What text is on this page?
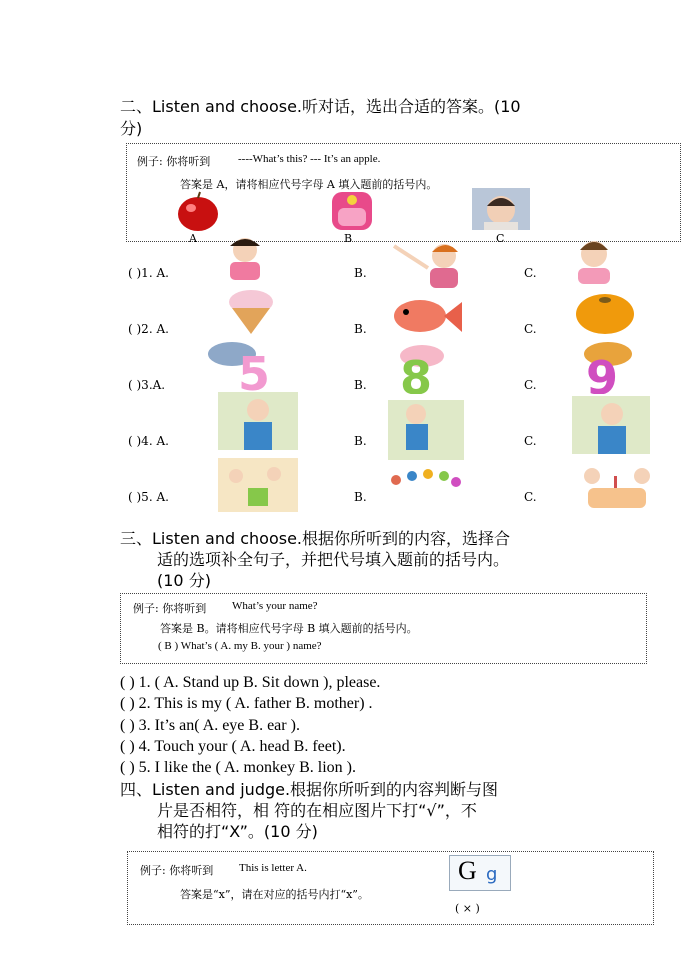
二、Listen and choose.听对话，选出合适的答案。(10
分)
例子: 你将听到	----What’s this? --- It’s an apple.
答案是 A，请将相应代号字母 A 填入题前的括号内。
A	B	C
( )1. A.	B.	C.
( )2. A.	B.	C.
( )3.A.	B.	C.
5	8	9
( )4. A.	B.	C.
( )5. A.	B.	C.
三、Listen and choose.根据你所听到的内容，选择合
适的选项补全句子，并把代号填入题前的括号内。
(10 分)
例子: 你将听到 What’s your name?
答案是 B。请将相应代号字母 B 填入题前的括号内。
( B ) What’s ( A. my B. your ) name?
( ) 1. ( A. Stand up B. Sit down ), please.
( ) 2. This is my ( A. father B. mother) .
( ) 3. It’s an( A. eye B. ear ).
( ) 4. Touch your ( A. head B. feet).
( ) 5. I like the ( A. monkey B. lion ).
四、Listen and judge.根据你所听到的内容判断与图
片是否相符，相 符的在相应图片下打“√”，不
相符的打“X”。(10 分)
例子: 你将听到 This is letter A.
答案是“x”，请在对应的括号内打“x”。
G g
( × )
